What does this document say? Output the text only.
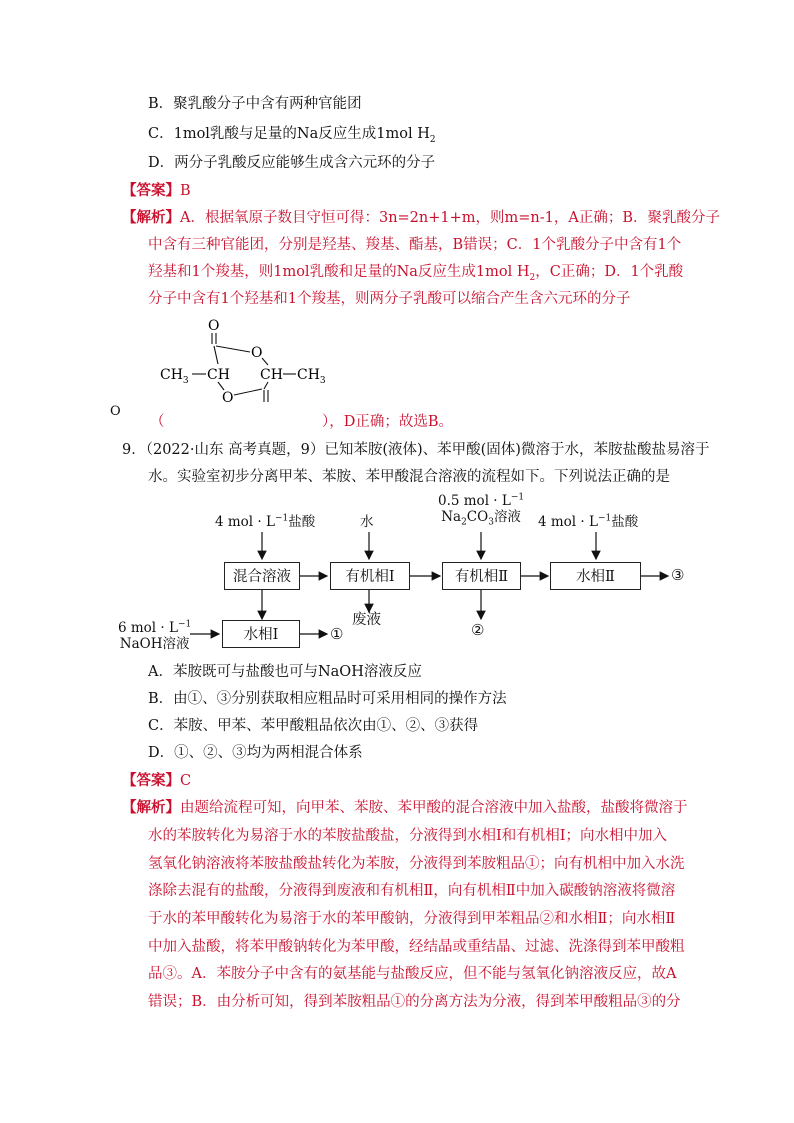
B．聚乳酸分子中含有两种官能团
C．1mol乳酸与足量的Na反应生成1mol $H_2$
D．两分子乳酸反应能够生成含六元环的分子
【答案】B
【解析】A．根据氧原子数目守恒可得：3n=2n+1+m，则m=n-1，A正确；B．聚乳酸分子
中含有三种官能团，分别是羟基、羧基、酯基，B错误；C．1个乳酸分子中含有1个
羟基和1个羧基，则1mol乳酸和足量的Na反应生成1mol $H_2$，C正确；D．1个乳酸
分子中含有1个羟基和1个羧基，则两分子乳酸可以缩合产生含六元环的分子
O
O
$CH_3$ CH CH $CH_3$
O
O
（	），D正确；故选B。
9．（2022·山东 高考真题，9）已知苯胺(液体)、苯甲酸(固体)微溶于水，苯胺盐酸盐易溶于
水。实验室初步分离甲苯、苯胺、苯甲酸混合溶液的流程如下。下列说法正确的是
4 mol · $L^{-1}$盐酸	水
0.5 mol · $L^{-1}$
$Na_2CO_3$溶液 4 mol · $L^{-1}$盐酸
6 mol · $L^{-1}$
NaOH溶液
混合溶液	有机相Ⅰ	有机相Ⅱ	水相Ⅱ
水相Ⅰ
废液
③
②
①
A．苯胺既可与盐酸也可与NaOH溶液反应
B．由①、③分别获取相应粗品时可采用相同的操作方法
C．苯胺、甲苯、苯甲酸粗品依次由①、②、③获得
D．①、②、③均为两相混合体系
【答案】C
【解析】由题给流程可知，向甲苯、苯胺、苯甲酸的混合溶液中加入盐酸，盐酸将微溶于
水的苯胺转化为易溶于水的苯胺盐酸盐，分液得到水相Ⅰ和有机相Ⅰ；向水相中加入
氢氧化钠溶液将苯胺盐酸盐转化为苯胺，分液得到苯胺粗品①；向有机相中加入水洗
涤除去混有的盐酸，分液得到废液和有机相Ⅱ，向有机相Ⅱ中加入碳酸钠溶液将微溶
于水的苯甲酸转化为易溶于水的苯甲酸钠，分液得到甲苯粗品②和水相Ⅱ；向水相Ⅱ
中加入盐酸，将苯甲酸钠转化为苯甲酸，经结晶或重结晶、过滤、洗涤得到苯甲酸粗
品③。A．苯胺分子中含有的氨基能与盐酸反应，但不能与氢氧化钠溶液反应，故A
错误；B．由分析可知，得到苯胺粗品①的分离方法为分液，得到苯甲酸粗品③的分
